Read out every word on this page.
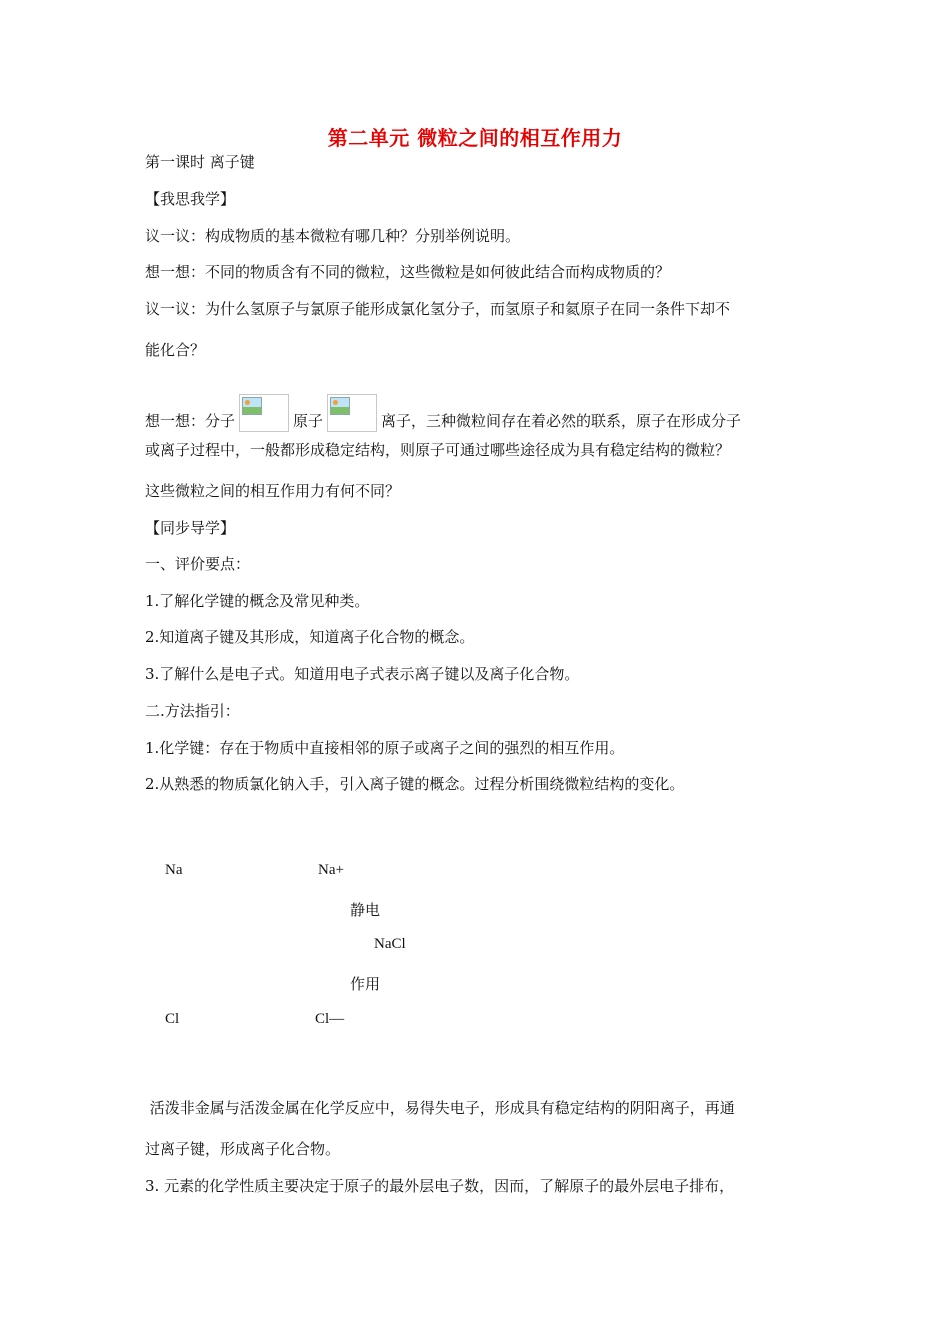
第二单元 微粒之间的相互作用力
第一课时 离子键
【我思我学】
议一议：构成物质的基本微粒有哪几种？分别举例说明。
想一想：不同的物质含有不同的微粒，这些微粒是如何彼此结合而构成物质的？
议一议：为什么氢原子与氯原子能形成氯化氢分子，而氢原子和氦原子在同一条件下却不
能化合？
想一想：分子	原子	离子，三种微粒间存在着必然的联系，原子在形成分子
或离子过程中，一般都形成稳定结构，则原子可通过哪些途径成为具有稳定结构的微粒？
这些微粒之间的相互作用力有何不同？
【同步导学】
一、评价要点：
1.了解化学键的概念及常见种类。
2.知道离子键及其形成，知道离子化合物的概念。
3.了解什么是电子式。知道用电子式表示离子键以及离子化合物。
二.方法指引：
1.化学键：存在于物质中直接相邻的原子或离子之间的强烈的相互作用。
2.从熟悉的物质氯化钠入手，引入离子键的概念。过程分析围绕微粒结构的变化。
Na	Na+
静电
NaCl
作用
Cl	Cl—
活泼非金属与活泼金属在化学反应中，易得失电子，形成具有稳定结构的阴阳离子，再通
过离子键，形成离子化合物。
3. 元素的化学性质主要决定于原子的最外层电子数，因而，了解原子的最外层电子排布，
